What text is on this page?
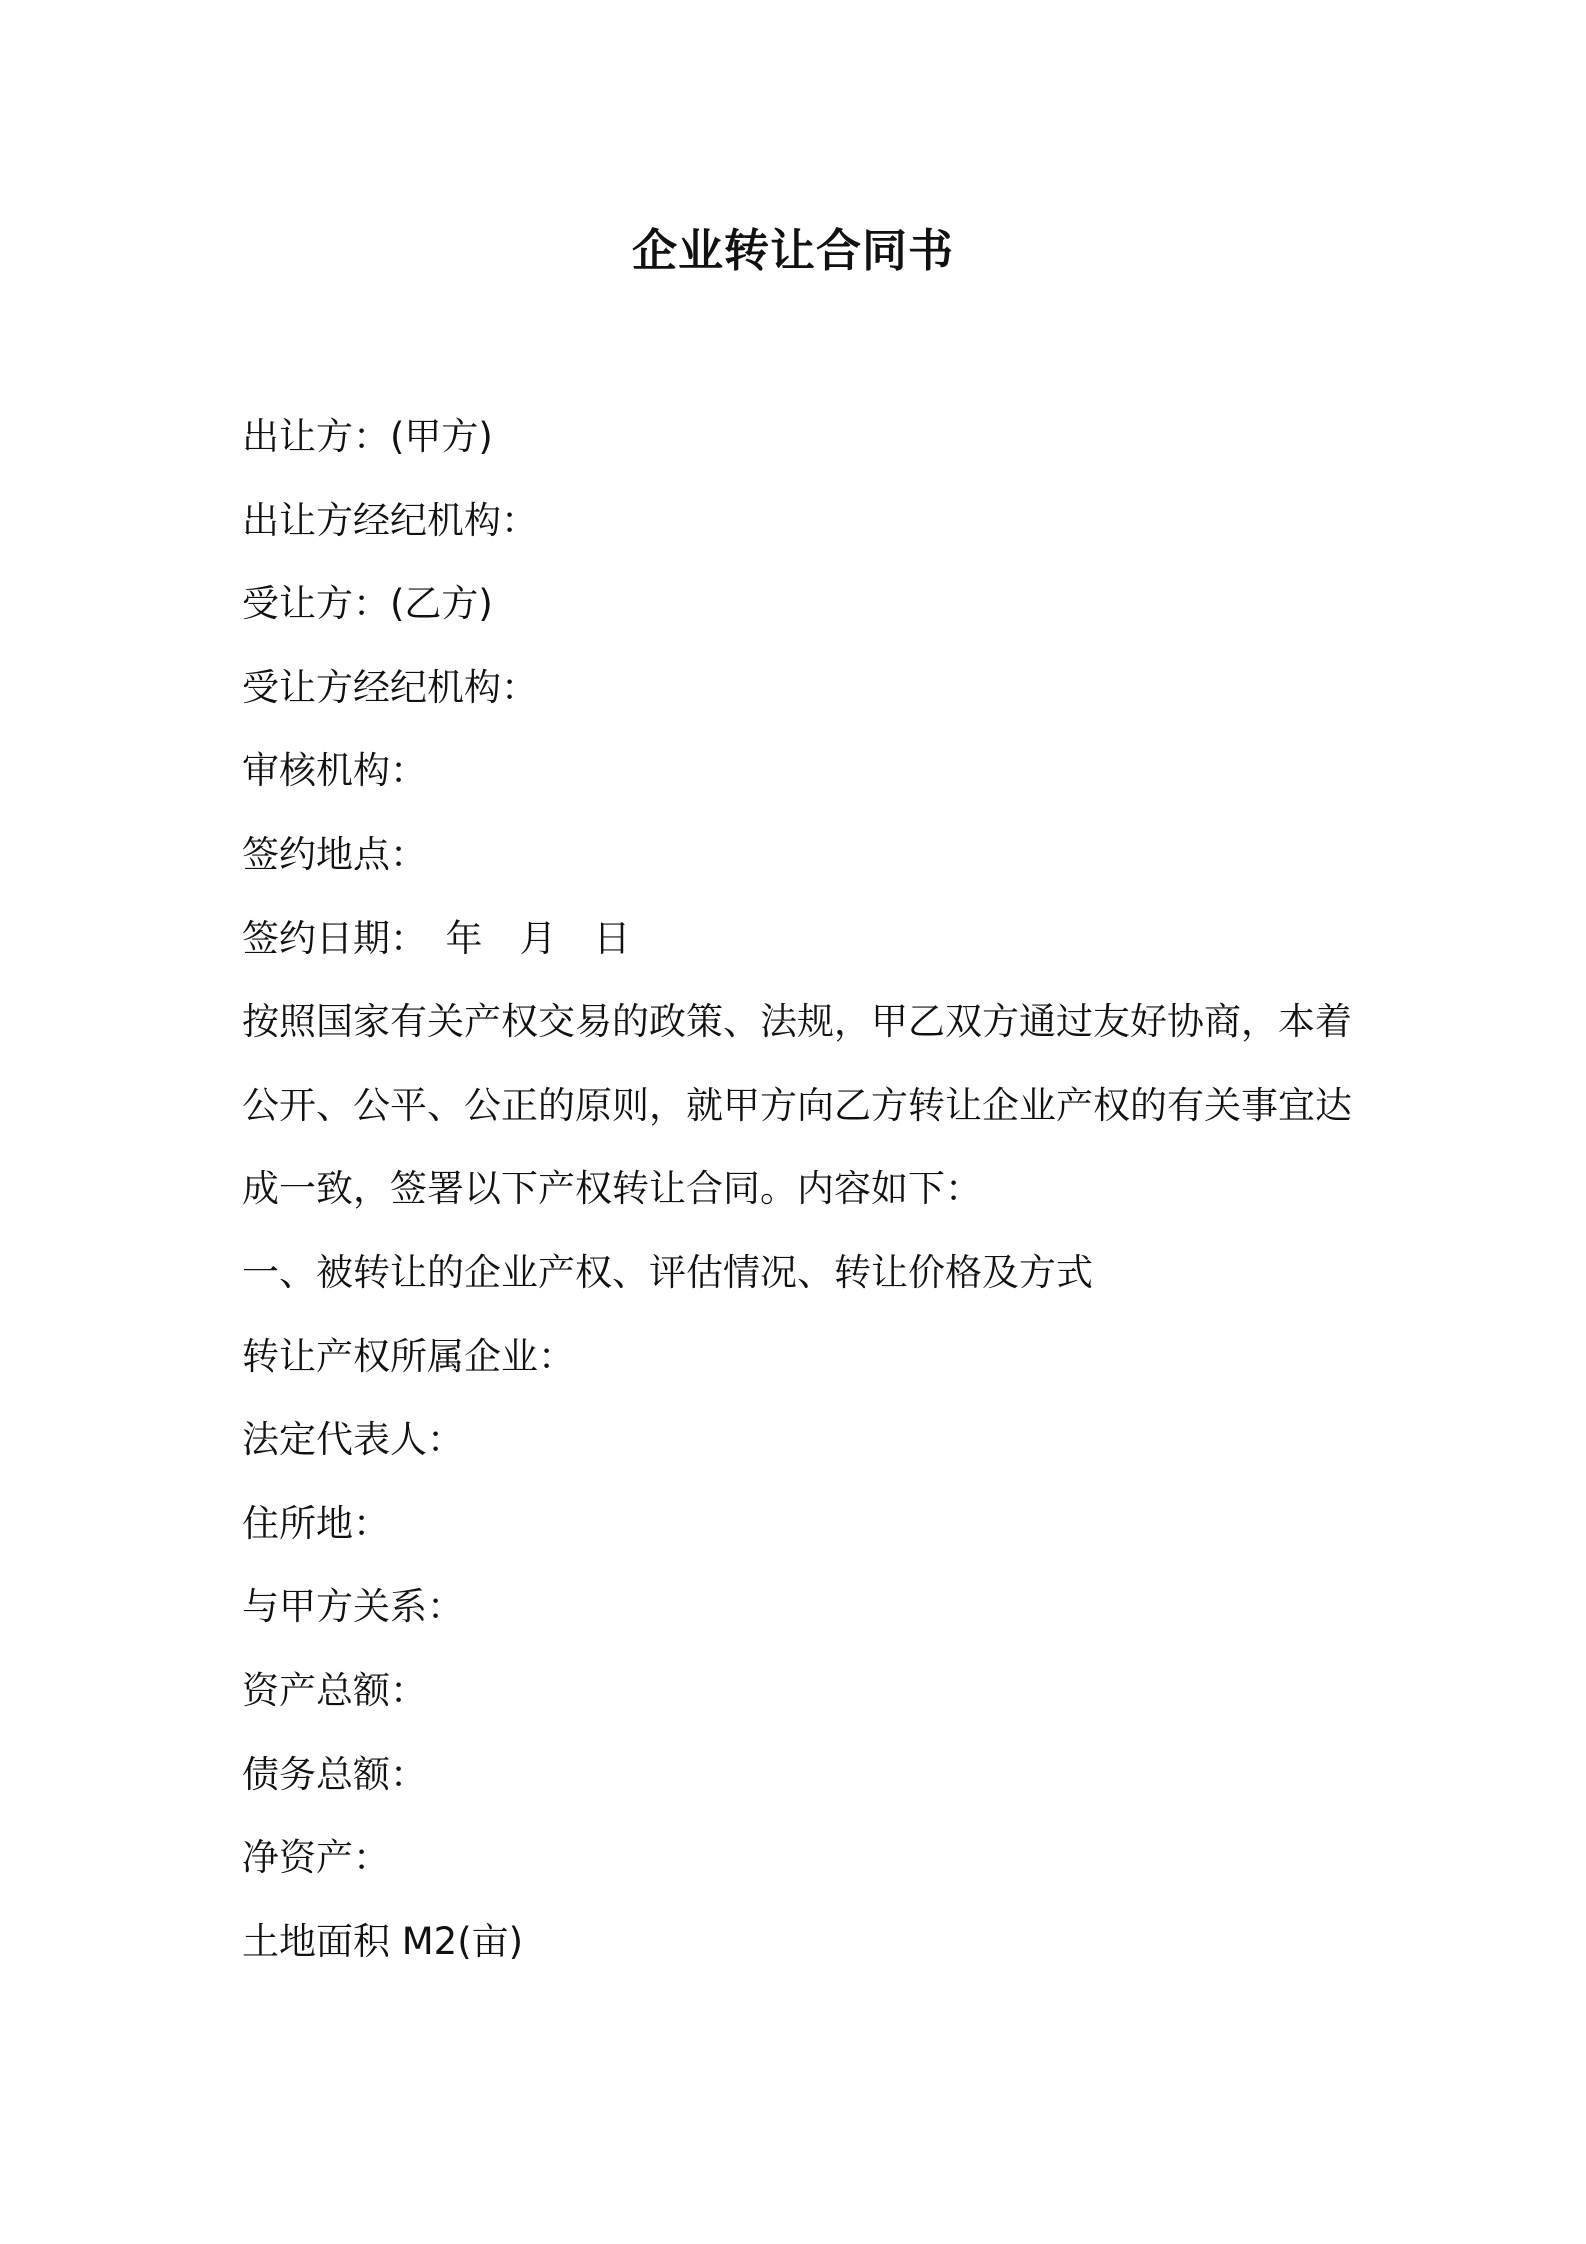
企业转让合同书
出让方：(甲方)
出让方经纪机构：
受让方：(乙方)
受让方经纪机构：
审核机构：
签约地点：
签约日期：　年　月　日
按照国家有关产权交易的政策、法规，甲乙双方通过友好协商，本着
公开、公平、公正的原则，就甲方向乙方转让企业产权的有关事宜达
成一致，签署以下产权转让合同。内容如下：
一、被转让的企业产权、评估情况、转让价格及方式
转让产权所属企业：
法定代表人：
住所地：
与甲方关系：
资产总额：
债务总额：
净资产：
土地面积 M2(亩)
